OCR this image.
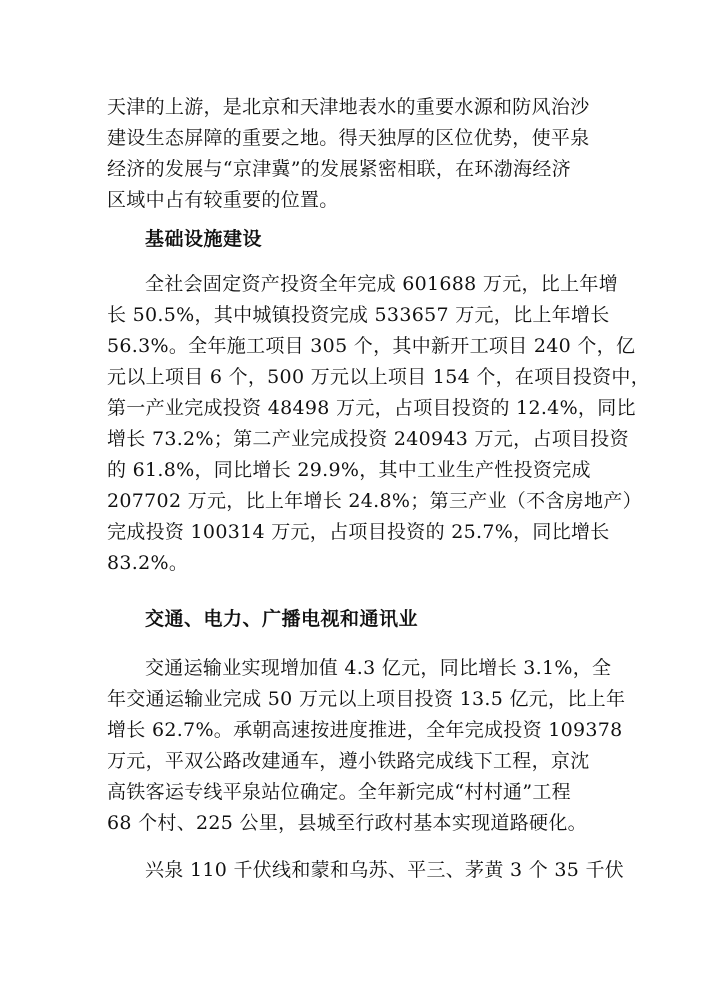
天津的上游，是北京和天津地表水的重要水源和防风治沙
建设生态屏障的重要之地。得天独厚的区位优势，使平泉
经济的发展与“京津冀”的发展紧密相联，在环渤海经济
区域中占有较重要的位置。
基础设施建设
全社会固定资产投资全年完成 601688 万元，比上年增
长 50.5%，其中城镇投资完成 533657 万元，比上年增长
56.3%。全年施工项目 305 个，其中新开工项目 240 个，亿
元以上项目 6 个，500 万元以上项目 154 个，在项目投资中，
第一产业完成投资 48498 万元，占项目投资的 12.4%，同比
增长 73.2%；第二产业完成投资 240943 万元，占项目投资
的 61.8%，同比增长 29.9%，其中工业生产性投资完成
207702 万元，比上年增长 24.8%；第三产业（不含房地产）
完成投资 100314 万元，占项目投资的 25.7%，同比增长
83.2%。
交通、电力、广播电视和通讯业
交通运输业实现增加值 4.3 亿元，同比增长 3.1%，全
年交通运输业完成 50 万元以上项目投资 13.5 亿元，比上年
增长 62.7%。承朝高速按进度推进，全年完成投资 109378
万元，平双公路改建通车，遵小铁路完成线下工程，京沈
高铁客运专线平泉站位确定。全年新完成“村村通”工程
68 个村、225 公里，县城至行政村基本实现道路硬化。
兴泉 110 千伏线和蒙和乌苏、平三、茅黄 3 个 35 千伏
